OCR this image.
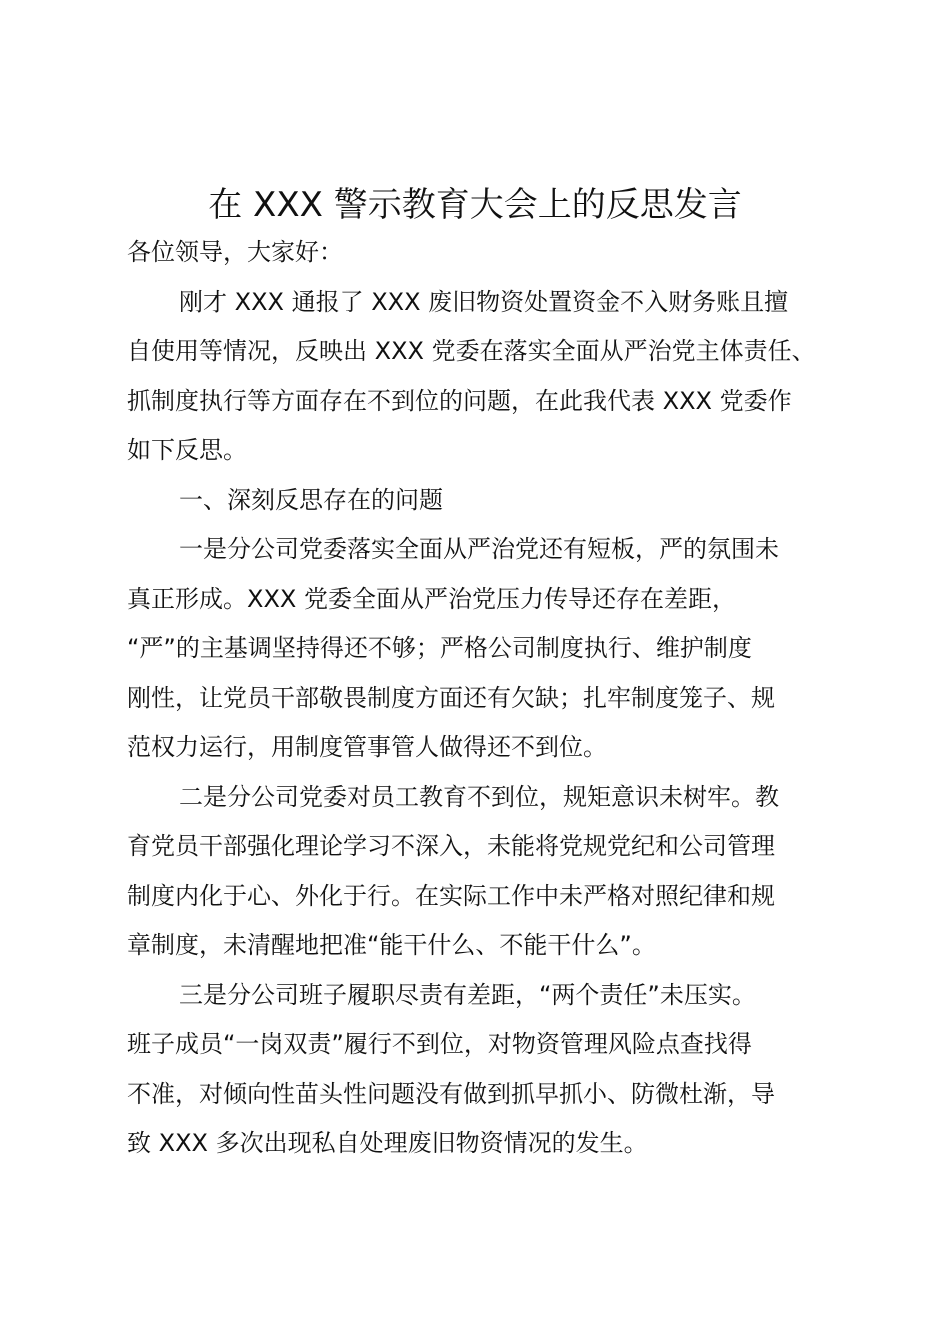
在 XXX 警示教育大会上的反思发言
各位领导，大家好：
刚才 XXX 通报了 XXX 废旧物资处置资金不入财务账且擅
自使用等情况，反映出 XXX 党委在落实全面从严治党主体责任、
抓制度执行等方面存在不到位的问题，在此我代表 XXX 党委作
如下反思。
一、深刻反思存在的问题
一是分公司党委落实全面从严治党还有短板，严的氛围未
真正形成。XXX 党委全面从严治党压力传导还存在差距，
“严”的主基调坚持得还不够；严格公司制度执行、维护制度
刚性，让党员干部敬畏制度方面还有欠缺；扎牢制度笼子、规
范权力运行，用制度管事管人做得还不到位。
二是分公司党委对员工教育不到位，规矩意识未树牢。教
育党员干部强化理论学习不深入，未能将党规党纪和公司管理
制度内化于心、外化于行。在实际工作中未严格对照纪律和规
章制度，未清醒地把准“能干什么、不能干什么”。
三是分公司班子履职尽责有差距，“两个责任”未压实。
班子成员“一岗双责”履行不到位，对物资管理风险点查找得
不准，对倾向性苗头性问题没有做到抓早抓小、防微杜渐，导
致 XXX 多次出现私自处理废旧物资情况的发生。
